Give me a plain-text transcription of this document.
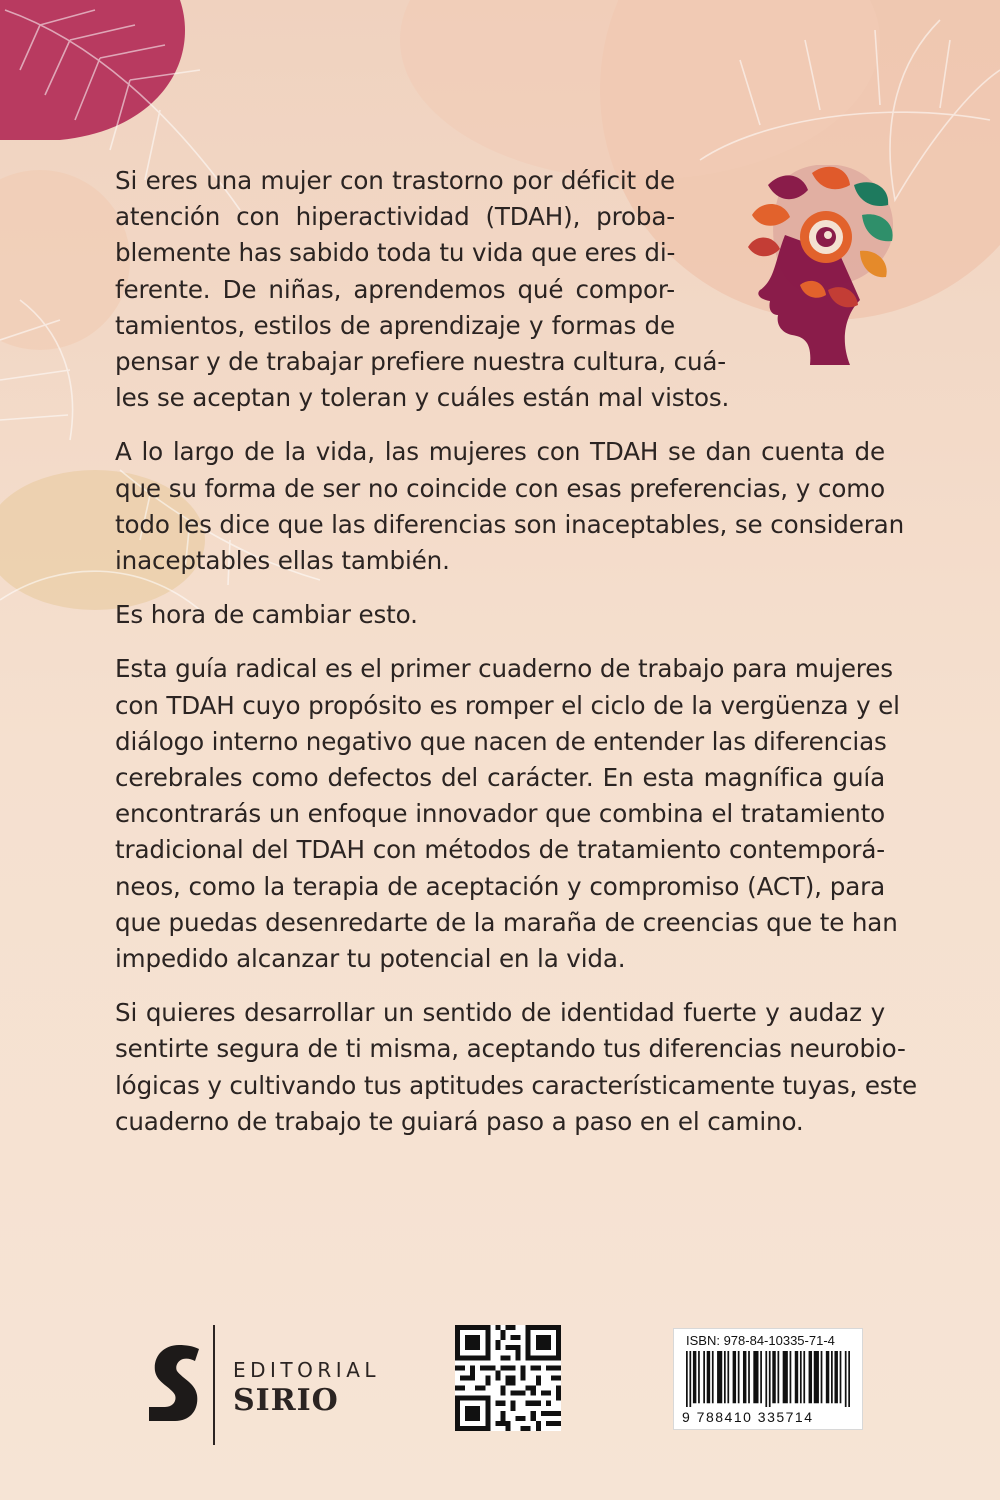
Si eres una mujer con trastorno por déficit de
atención con hiperactividad (TDAH), proba-
blemente has sabido toda tu vida que eres di-
ferente. De niñas, aprendemos qué compor-
tamientos, estilos de aprendizaje y formas de
pensar y de trabajar prefiere nuestra cultura, cuá-
les se aceptan y toleran y cuáles están mal vistos.
A lo largo de la vida, las mujeres con TDAH se dan cuenta de
que su forma de ser no coincide con esas preferencias, y como
todo les dice que las diferencias son inaceptables, se consideran
inaceptables ellas también.
Es hora de cambiar esto.
Esta guía radical es el primer cuaderno de trabajo para mujeres
con TDAH cuyo propósito es romper el ciclo de la vergüenza y el
diálogo interno negativo que nacen de entender las diferencias
cerebrales como defectos del carácter. En esta magnífica guía
encontrarás un enfoque innovador que combina el tratamiento
tradicional del TDAH con métodos de tratamiento contemporá-
neos, como la terapia de aceptación y compromiso (ACT), para
que puedas desenredarte de la maraña de creencias que te han
impedido alcanzar tu potencial en la vida.
Si quieres desarrollar un sentido de identidad fuerte y audaz y
sentirte segura de ti misma, aceptando tus diferencias neurobio-
lógicas y cultivando tus aptitudes característicamente tuyas, este
cuaderno de trabajo te guiará paso a paso en el camino.
EDITORIAL
SIRIO
ISBN: 978-84-10335-71-4
9 788410 335714
